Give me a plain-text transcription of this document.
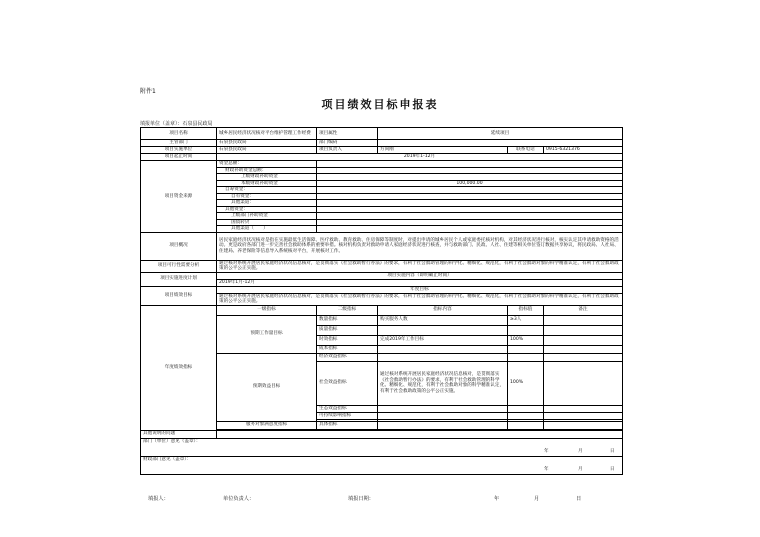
附件1
项目绩效目标申报表
填报单位（盖章）：石泉县民政局
项目名称	城乡居民经济状况核对平台维护管理工作经费	项目属性	延续项目		
主管部门	石泉县民政局	部门编码			
项目实施单位	石泉县民政局	项目负责人	方尚刚	联系电话	0915-6321376
项目起止时间	2019年1-12月				
项目资金来源	资金总额：				
	财政补助资金总额：				
	上级财政补助资金				
	本级财政补助资金	100,000.00			
	自筹资金：				
	自有资金：				
	其他渠道：				
	其他资金：				
	上级部门补助资金				
	国债转贷				
	其他渠道（　　）				
项目概况	居民家庭经济状况核对是指在实施最低生活保障、医疗救助、教育救助、住房保障等制度时，对提出申请的城乡居民个人或家庭委托核对机构，对其经济状况进行核对，核实认定其申请救助资格的活动。更是政府各部门进一步完善社会救助体系的重要举措。核对机构负责对救助申请人家庭经济状况进行核查，并与救助部门、民政、人社、住建等相关单位签订数据共享协议，将民政局、人社局、住建局、养老保险等信息导入系统核对平台，开展核对工作。				
项目可行性需要分析	通过核对系统开展居民家庭经济状况信息核对，是贯彻落实《社会救助暂行办法》的要求，有利于社会救助管理的科学化、精细化、规范化，有利于社会救助对象的科学精准认定，有利于社会救助政策的公平公正实施。				
项目实施进度计划	项目实施内容（即明确止时间）				
	2019年1月-12月				
项目绩效目标	年度目标				
	通过核对系统开展居民家庭经济状况信息核对，是贯彻落实《社会救助暂行办法》的要求，有利于社会救助管理的科学化、精细化、规范化，有利于社会救助对象的科学精准认定，有利于社会救助政策的公平公正实施。				
年度绩效指标	一级指标	二级指标	指标内容	指标值	备注
	预期工作量目标	数量指标	购买服务人数	≥3人	
		质量指标			
		时效指标	完成2019年工作目标	100%	
		成本指标			
	预期效益目标	经济效益指标			
		社会效益指标	通过核对系统开展居民家庭经济状况信息核对，是贯彻落实《社会救助暂行办法》的要求，有利于社会救助管理的科学化、精细化、规范化，有利于社会救助对象的科学精准认定，有利于社会救助政策的公平公正实施。	100%	
		生态效益指标			
		可持续影响指标			

	服务对象满意度指标	具体指标			

其他说明的问题					
部门（单位）意见（盖章）：
年 月 日					

财政部门意见（盖章）：
年 月 日					
填报人：	单位负责人：	填报日期：	年	月	日
